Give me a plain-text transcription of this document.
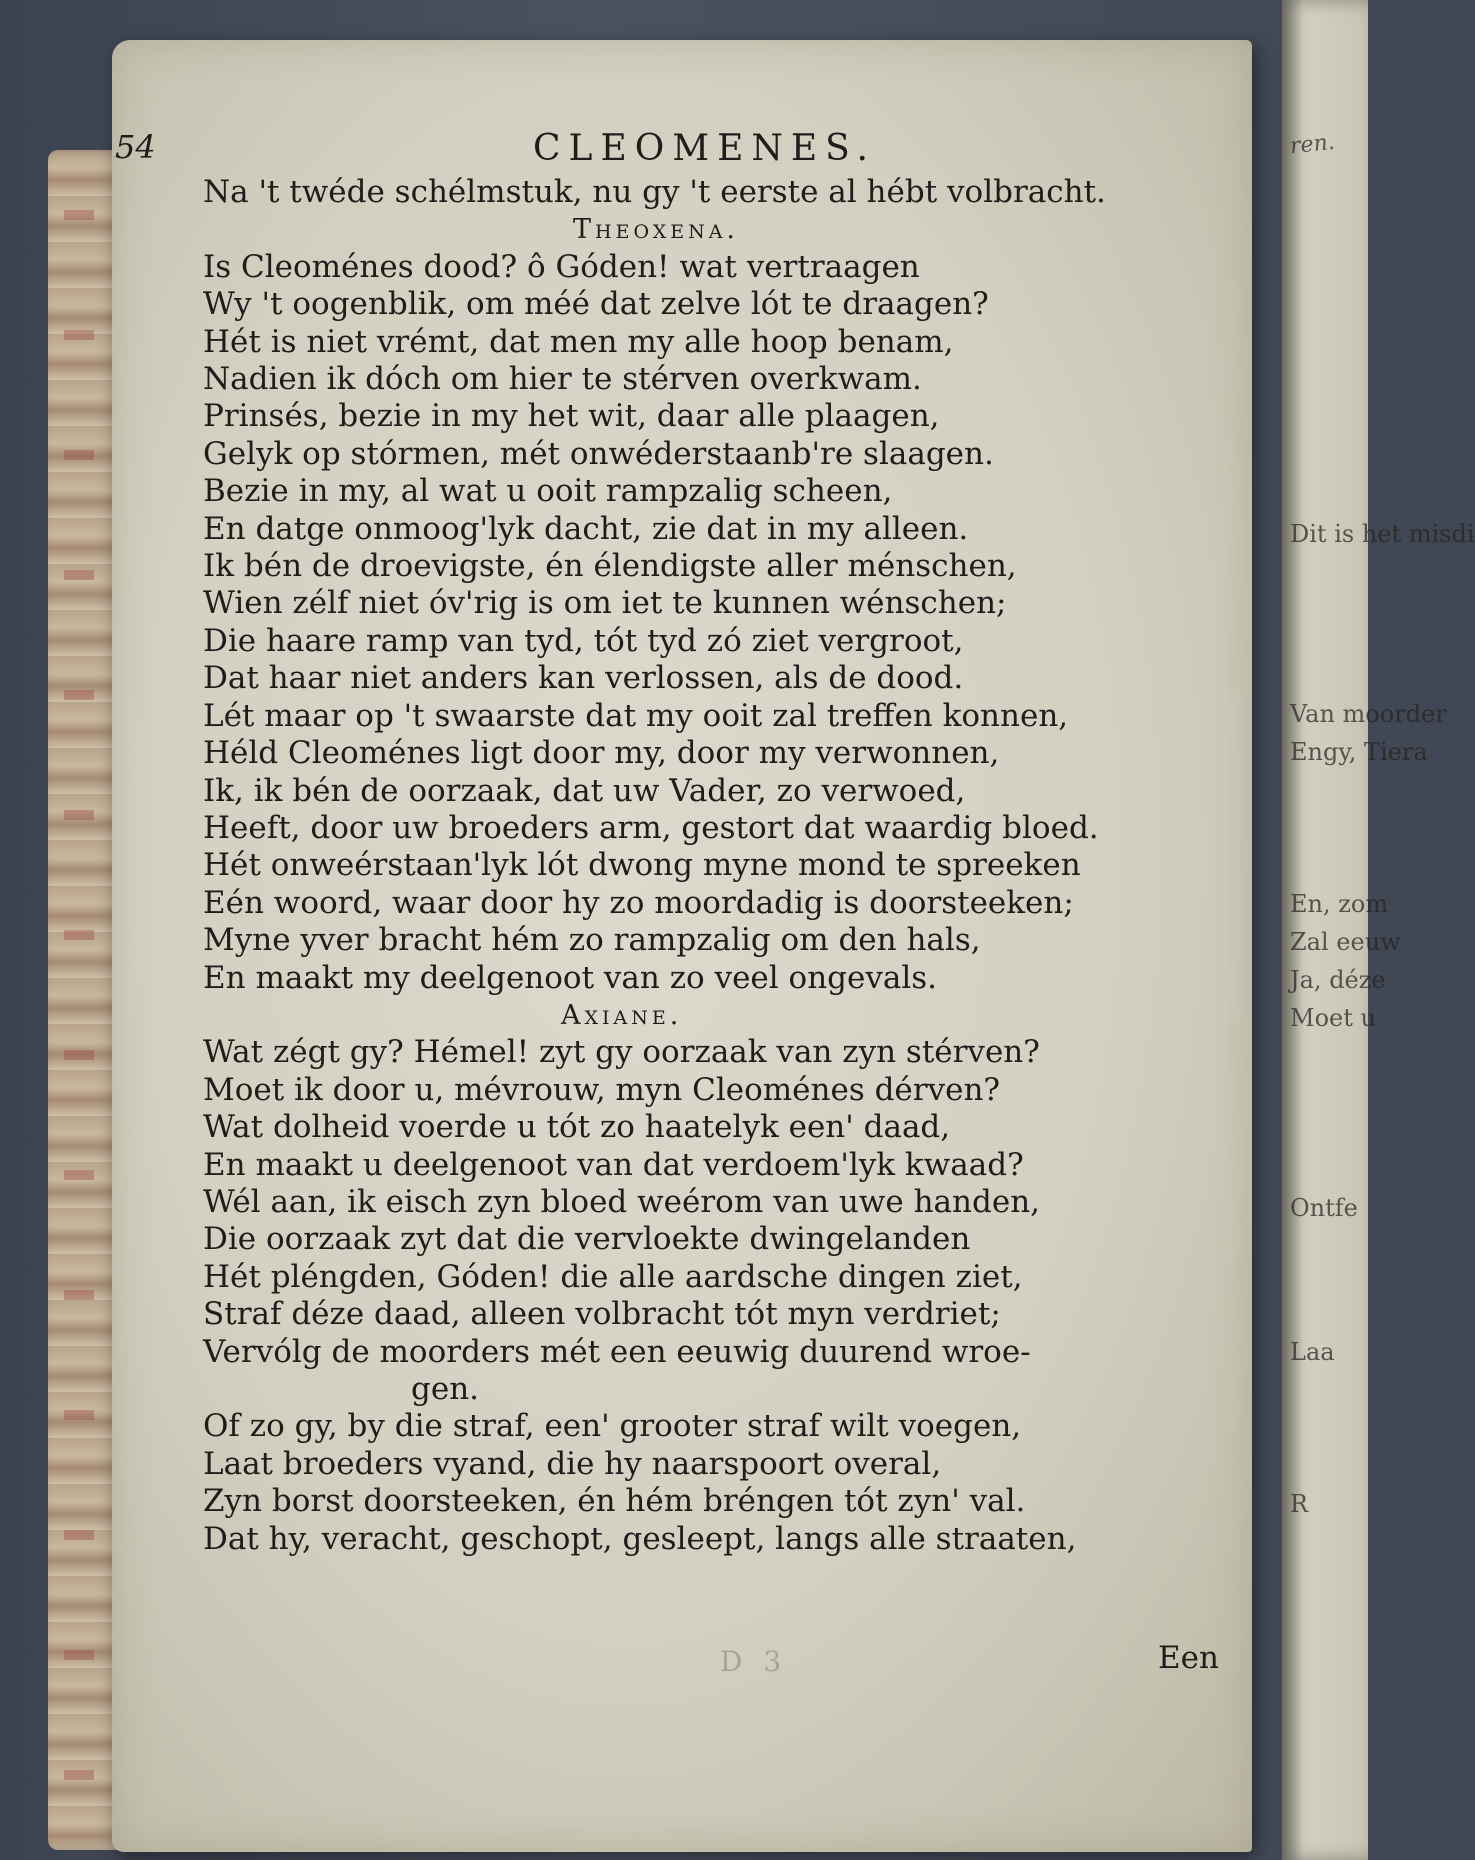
ren.
Dit is het misdi
Van moorder
Engy, Tiera
En, zom
Zal eeuw
Ja, déze
Moet u
Ontfe
Laa
R
54	CLEOMENES.
Na 't twéde schélmstuk, nu gy 't eerste al hébt volbracht.
Theoxena.
Is Cleoménes dood? ô Góden! wat vertraagen
Wy 't oogenblik, om méé dat zelve lót te draagen?
Hét is niet vrémt, dat men my alle hoop benam,
Nadien ik dóch om hier te stérven overkwam.
Prinsés, bezie in my het wit, daar alle plaagen,
Gelyk op stórmen, mét onwéderstaanb're slaagen.
Bezie in my, al wat u ooit rampzalig scheen,
En datge onmoog'lyk dacht, zie dat in my alleen.
Ik bén de droevigste, én élendigste aller ménschen,
Wien zélf niet óv'rig is om iet te kunnen wénschen;
Die haare ramp van tyd, tót tyd zó ziet vergroot,
Dat haar niet anders kan verlossen, als de dood.
Lét maar op 't swaarste dat my ooit zal treffen konnen,
Héld Cleoménes ligt door my, door my verwonnen,
Ik, ik bén de oorzaak, dat uw Vader, zo verwoed,
Heeft, door uw broeders arm, gestort dat waardig bloed.
Hét onweérstaan'lyk lót dwong myne mond te spreeken
Eén woord, waar door hy zo moordadig is doorsteeken;
Myne yver bracht hém zo rampzalig om den hals,
En maakt my deelgenoot van zo veel ongevals.
Axiane.
Wat zégt gy? Hémel! zyt gy oorzaak van zyn stérven?
Moet ik door u, mévrouw, myn Cleoménes dérven?
Wat dolheid voerde u tót zo haatelyk een' daad,
En maakt u deelgenoot van dat verdoem'lyk kwaad?
Wél aan, ik eisch zyn bloed weérom van uwe handen,
Die oorzaak zyt dat die vervloekte dwingelanden
Hét pléngden, Góden! die alle aardsche dingen ziet,
Straf déze daad, alleen volbracht tót myn verdriet;
Vervólg de moorders mét een eeuwig duurend wroe-
gen.
Of zo gy, by die straf, een' grooter straf wilt voegen,
Laat broeders vyand, die hy naarspoort overal,
Zyn borst doorsteeken, én hém bréngen tót zyn' val.
Dat hy, veracht, geschopt, gesleept, langs alle straaten,
D 3	Een
